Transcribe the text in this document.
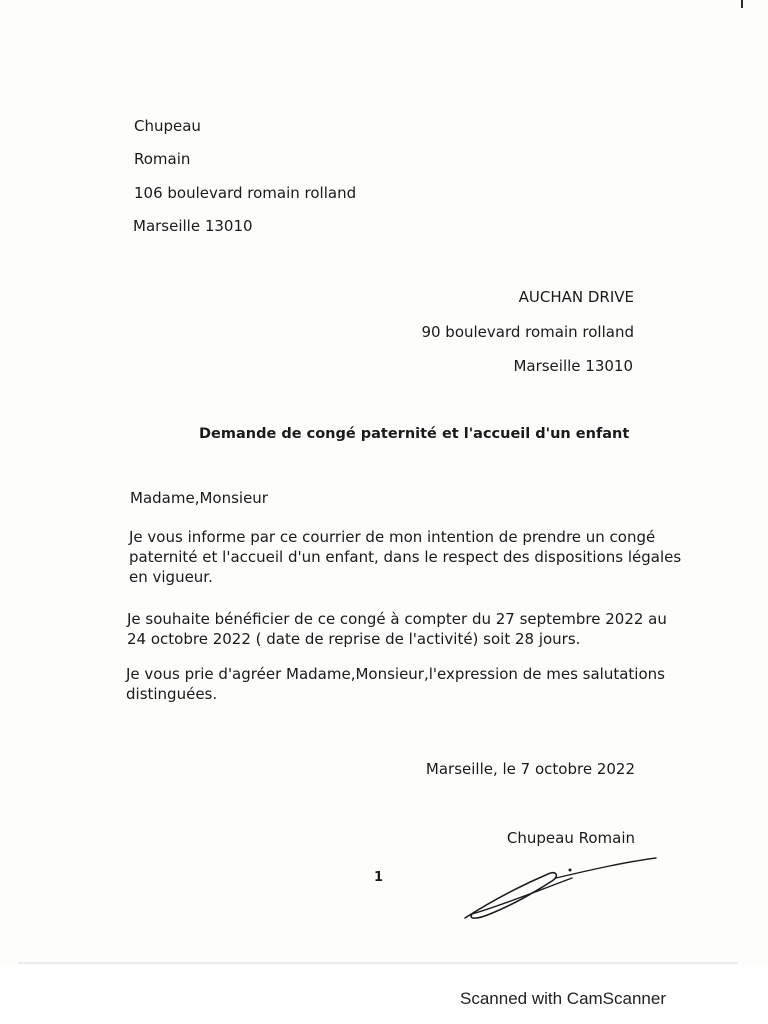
Chupeau
Romain
106 boulevard romain rolland
Marseille 13010
AUCHAN DRIVE
90 boulevard romain rolland
Marseille 13010
Demande de congé paternité et l'accueil d'un enfant
Madame,Monsieur
Je vous informe par ce courrier de mon intention de prendre un congé
paternité et l'accueil d'un enfant, dans le respect des dispositions légales
en vigueur.
Je souhaite bénéficier de ce congé à compter du 27 septembre 2022 au
24 octobre 2022 ( date de reprise de l'activité) soit 28 jours.
Je vous prie d'agréer Madame,Monsieur,l'expression de mes salutations
distinguées.
Marseille, le 7 octobre 2022
Chupeau Romain
1
Scanned with CamScanner
